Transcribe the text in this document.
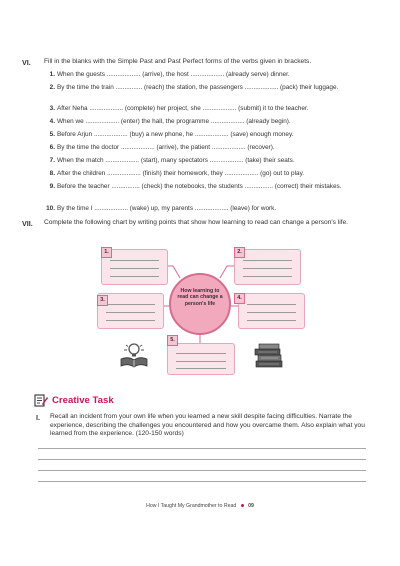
VI. Fill in the blanks with the Simple Past and Past Perfect forms of the verbs given in brackets.
1. When the guests ................... (arrive), the host ................... (already serve) dinner.
2. By the time the train ............... (reach) the station, the passengers ................... (pack) their luggage.
3. After Neha ................... (complete) her project, she ................... (submit) it to the teacher.
4. When we ................... (enter) the hall, the programme ................... (already begin).
5. Before Arjun ................... (buy) a new phone, he ................... (save) enough money.
6. By the time the doctor ................... (arrive), the patient ................... (recover).
7. When the match ................... (start), many spectators ................... (take) their seats.
8. After the children ................... (finish) their homework, they ................... (go) out to play.
9. Before the teacher ................ (check) the notebooks, the students ................ (correct) their mistakes.
10. By the time I ................... (wake) up, my parents ................... (leave) for work.
VII. Complete the following chart by writing points that show how learning to read can change a person's life.
1.	2.
3.	4.
5.
How learning to read can change a person's life
Creative Task
I. Recall an incident from your own life when you learned a new skill despite facing difficulties. Narrate the experience, describing the challenges you encountered and how you overcame them. Also explain what you learned from the experience. (120-150 words)
How I Taught My Grandmother to Read 09
